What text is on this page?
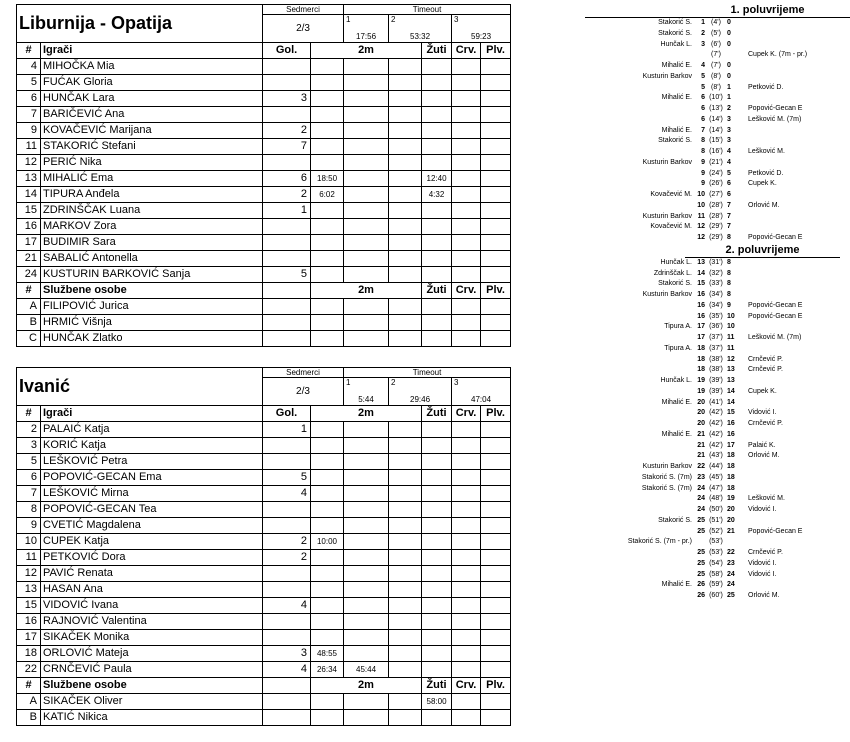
Liburnija - Opatija		Sedmerci		Timeout				
		2/3		1
17:56	2
53:32		3
59:23	

#	Igrači	Gol.	2m			Žuti	Crv.	Plv.
4	MIHOČKA Mia							
5	FUĆAK Gloria							
6	HUNČAK Lara	3						
7	BARIČEVIĆ Ana							
9	KOVAČEVIĆ Marijana	2						
11	STAKORIĆ Stefani	7						
12	PERIĆ Nika							
13	MIHALIĆ Ema	6	18:50			12:40		
14	TIPURA Anđela	2	6:02			4:32		
15	ZDRINŠČAK Luana	1						
16	MARKOV Zora							
17	BUDIMIR Sara							
21	SABALIĆ Antonella							
24	KUSTURIN BARKOVIĆ Sanja	5						
#	Službene osobe		2m			Žuti	Crv.	Plv.
A	FILIPOVIĆ Jurica							
B	HRMIĆ Višnja							
C	HUNČAK Zlatko							
Ivanić		Sedmerci		Timeout				
		2/3		1
5:44	2
29:46		3
47:04	

#	Igrači	Gol.	2m			Žuti	Crv.	Plv.
2	PALAIĆ Katja	1						
3	KORIĆ Katja							
5	LEŠKOVIĆ Petra							
6	POPOVIĆ-GECAN Ema	5						
7	LEŠKOVIĆ Mirna	4						
8	POPOVIĆ-GECAN Tea							
9	CVETIĆ Magdalena							
10	CUPEK Katja	2	10:00					
11	PETKOVIĆ Dora	2						
12	PAVIĆ Renata							
13	HASAN Ana							
15	VIDOVIĆ Ivana	4						
16	RAJNOVIĆ Valentina							
17	SIKAČEK Monika							
18	ORLOVIĆ Mateja	3	48:55					
22	CRNČEVIĆ Paula	4	26:34	45:44				
#	Službene osobe		2m			Žuti	Crv.	Plv.
A	SIKAČEK Oliver					58:00		
B	KATIĆ Nikica							
1. poluvrijeme
Stakorić S.	1 (4') 0
Stakorić S.	2 (5') 0
Hunčak L.	3 (6') 0
(7')	Cupek K. (7m - pr.)
Mihalić E.	4 (7') 0
Kusturin Barkov	5 (8') 0
5 (8') 1	Petković D.
Mihalić E.	6 (10') 1
6 (13') 2	Popović-Gecan E
6 (14') 3	Lešković M. (7m)
Mihalić E.	7 (14') 3
Stakorić S.	8 (15') 3
8 (16') 4	Lešković M.
Kusturin Barkov	9 (21') 4
9 (24') 5	Petković D.
9 (26') 6	Cupek K.
Kovačević M. 10 (27') 6
10 (28') 7	Orlović M.
Kusturin Barkov 11 (28') 7
Kovačević M. 12 (29') 7
12 (29') 8	Popović-Gecan E
2. poluvrijeme
Hunčak L. 13 (31') 8
Zdrinščak L. 14 (32') 8
Stakorić S. 15 (33') 8
Kusturin Barkov 16 (34') 8
16 (34') 9	Popović-Gecan E
16 (35') 10	Popović-Gecan E
Tipura A. 17 (36') 10
17 (37') 11	Lešković M. (7m)
Tipura A. 18 (37') 11
18 (38') 12	Crnčević P.
18 (38') 13	Crnčević P.
Hunčak L. 19 (39') 13
19 (39') 14	Cupek K.
Mihalić E. 20 (41') 14
20 (42') 15	Vidović I.
20 (42') 16	Crnčević P.
Mihalić E. 21 (42') 16
21 (42') 17	Palaić K.
21 (43') 18	Orlović M.
Kusturin Barkov 22 (44') 18
Stakorić S. (7m) 23 (45') 18
Stakorić S. (7m) 24 (47') 18
24 (48') 19	Lešković M.
24 (50') 20	Vidović I.
Stakorić S. 25 (51') 20
25 (52') 21	Popović-Gecan E
Stakorić S. (7m - pr.)	(53')
25 (53') 22	Crnčević P.
25 (54') 23	Vidović I.
25 (58') 24	Vidović I.
Mihalić E. 26 (59') 24
26 (60') 25	Orlović M.
